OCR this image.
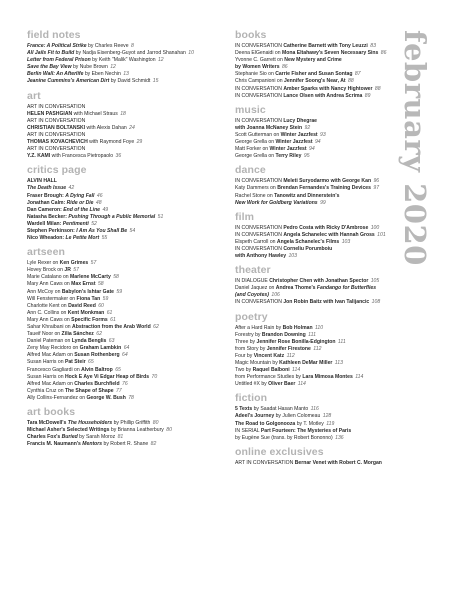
field notes
France: A Political Strike by Charles Reeve 8
All Jails Fit to Build by Nadja Eisenberg-Guyot and Jarrod Shanahan 10
Letter from Federal Prison by Keith "Malik" Washington 12
Save the Bay View by Nube Brown 12
Berlin Wall: An Afterlife by Eben Nechin 13
Jeanine Cummins's American Dirt by David Schmidt 15
art
ART IN CONVERSATION
HELEN PASHGIAN with Michael Straus 18
ART IN CONVERSATION
CHRISTIAN BOLTANSKI with Alexis Dahan 24
ART IN CONVERSATION
THOMAS KOVACHEVICH with Raymond Foye 29
ART IN CONVERSATION
Y.Z. KAMI with Francesca Pietropaolo 36
critics page
ALVIN HALL
The Death Issue 42
Fraser Brough: A Dying Fall 46
Jonathan Calm: Ride or Die 48
Dan Cameron: End of the Line 49
Natasha Becker: Pushing Through a Public Memorial 51
Wardell Milan: Pentimenti 52
Stephen Perkinson: I Am As You Shall Be 54
Nico Wheadon: Le Petite Mort 55
artseen
Lyle Rexer on Ken Grimes 57
Hovey Brock on JR 57
Marie Catalano on Marlene McCarty 58
Mary Ann Caws on Max Ernst 58
Ann McCoy on Babylon's Ishtar Gate 59
Will Fenstermaker on Fiona Tan 59
Charlotte Kent on David Reed 60
Ann C. Collins on Kent Monkman 61
Mary Ann Caws on Specific Forms 61
Sahar Khraibani on Abstraction from the Arab World 62
Taueif Noor on Zilia Sánchez 62
Daniel Pateman on Lynda Benglis 63
Zeny May Recidoro on Graham Lambkin 64
Alfred Mac Adam on Susan Rothenberg 64
Susan Harris on Pat Steir 65
Francesco Gagliardi on Alvin Baltrop 65
Susan Harris on Hock E Aye Vi Edgar Heap of Birds 70
Alfred Mac Adam on Charles Burchfield 76
Cynthia Cruz on The Shape of Shape 77
Ally Collins-Fernandez on George W. Bush 78
art books
Tara McDowell's The Householders by Phillip Griffith 80
Michael Asher's Selected Writings by Brianna Leatherbury 80
Charles Fox's Buried by Sarah Moroz 81
Francis M. Naumann's Mentors by Robert R. Shane 82
books
IN CONVERSATION Catherine Barnett with Tony Leuzzi 83
Deena ElGenaidi on Mona Eltahawy's Seven Necessary Sins 86
Yvonne C. Garrett on New Mystery and Crime
by Women Writers 86
Stephanie Sio on Carrie Fisher and Susan Sontag 87
Chris Campanioni on Jennifer Soong's Near, At 88
IN CONVERSATION Amber Sparks with Nancy Hightower 88
IN CONVERSATION Lance Olsen with Andrea Scrima 89
music
IN CONVERSATION Lucy Dhegrae
with Joanna McNaney Stein 92
Scott Gutterman on Winter Jazzfest 93
George Grella on Winter Jazzfest 94
Matt Forker on Winter Jazzfest 94
George Grella on Terry Riley 95
dance
IN CONVERSATION Meleti Suryodarmo with George Kan 96
Katy Dammers on Brendan Fernandes's Training Devices 97
Rachel Stone on Tanowitz and Dinnerstein's
New Work for Goldberg Variations 99
film
IN CONVERSATION Pedro Costa with Ricky D'Ambrose 100
IN CONVERSATION Angela Schanelec with Hannah Gross 101
Elspeth Carroll on Angela Schanelec's Films 103
IN CONVERSATION Corneliu Porumboiu
with Anthony Hawley 103
theater
IN DIALOGUE Christopher Chen with Jonathan Spector 105
Daniel Jaquez on Andrea Thome's Fandango for Butterflies
(and Coyotes) 106
IN CONVERSATION Jon Robin Baitz with Ivan Talijancic 108
poetry
After a Hard Rain by Bob Holman 110
Forestry by Brandon Downing 111
Three by Jennifer Rose Bonilla-Edgington 111
from Story by Jennifer Firestone 112
Four by Vincent Katz 112
Magic Mountain by Kathleen DeMar Miller 113
Two by Raquel Balboni 114
from Performance Studies by Lara Mimosa Montes 114
Untitled #X by Oliver Baer 114
fiction
5 Texts by Saadat Hasan Manto 116
Adeel's Journey by Julien Colomeau 128
The Road to Golgonooza by T. Motley 119
IN SERIAL Part Fourteen: The Mysteries of Paris
by Eugène Sue (trans. by Robert Bononno) 136
online exclusives
ART IN CONVERSATION Bernar Venet with Robert C. Morgan
february 2020
